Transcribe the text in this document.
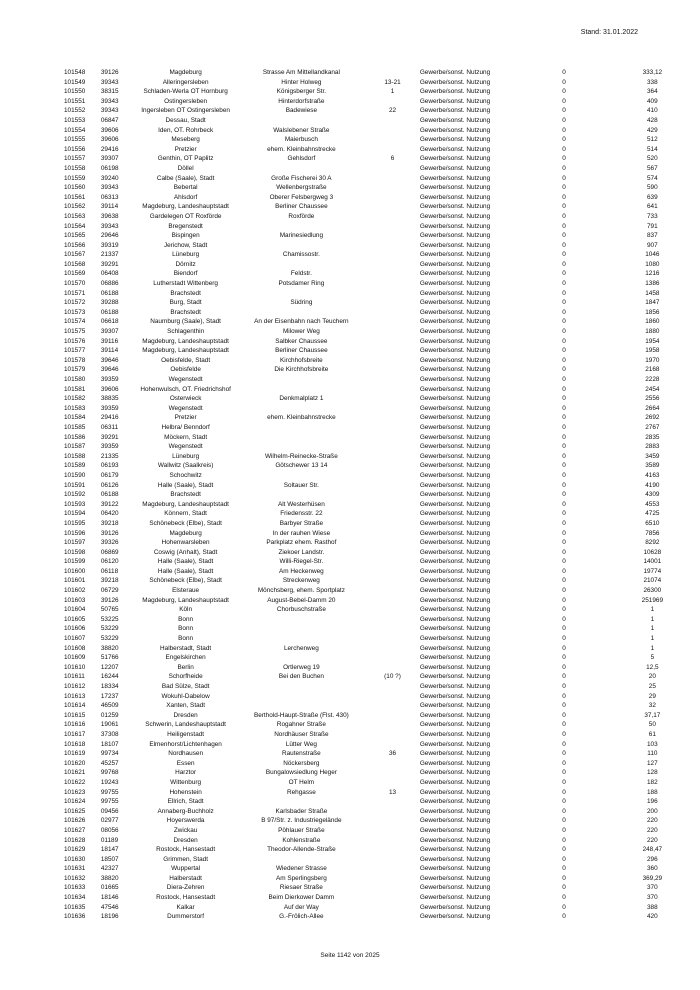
Stand: 31.01.2022
101548	39126	Magdeburg	Strasse Am Mittellandkanal		Gewerbe/sonst. Nutzung	0	333,12
101549	39343	Alleringersleben	Hinter Holweg	13-21	Gewerbe/sonst. Nutzung	0	338
101550	38315	Schladen-Werla OT Hornburg	Königsberger Str.	1	Gewerbe/sonst. Nutzung	0	364
101551	39343	Ostingersleben	Hinterdorfstraße		Gewerbe/sonst. Nutzung	0	409
101552	39343	Ingersleben OT Ostingersleben	Badewiese	22	Gewerbe/sonst. Nutzung	0	410
101553	06847	Dessau, Stadt			Gewerbe/sonst. Nutzung	0	428
101554	39606	Iden, OT. Rohrbeck	Walslebener Straße		Gewerbe/sonst. Nutzung	0	429
101555	39606	Meseberg	Maierbusch		Gewerbe/sonst. Nutzung	0	512
101556	29416	Pretzier	ehem. Kleinbahnstrecke		Gewerbe/sonst. Nutzung	0	514
101557	39307	Genthin, OT Paplitz	Gehlsdorf	6	Gewerbe/sonst. Nutzung	0	520
101558	06198	Döllel			Gewerbe/sonst. Nutzung	0	567
101559	39240	Calbe (Saale), Stadt	Große Fischerei 30 A		Gewerbe/sonst. Nutzung	0	574
101560	39343	Bebertal	Wellenbergstraße		Gewerbe/sonst. Nutzung	0	590
101561	06313	Ahlsdorf	Oberer Felsbergweg 3		Gewerbe/sonst. Nutzung	0	639
101562	39114	Magdeburg, Landeshauptstadt	Berliner Chaussee		Gewerbe/sonst. Nutzung	0	641
101563	39638	Gardelegen OT Roxförde	Roxförde		Gewerbe/sonst. Nutzung	0	733
101564	39343	Bregenstedt			Gewerbe/sonst. Nutzung	0	791
101565	29646	Bispingen	Marinesiedlung		Gewerbe/sonst. Nutzung	0	837
101566	39319	Jerichow, Stadt			Gewerbe/sonst. Nutzung	0	907
101567	21337	Lüneburg	Chamissostr.		Gewerbe/sonst. Nutzung	0	1046
101568	39291	Dörnitz			Gewerbe/sonst. Nutzung	0	1080
101569	06408	Biendorf	Feldstr.		Gewerbe/sonst. Nutzung	0	1216
101570	06886	Lutherstadt Wittenberg	Potsdamer Ring		Gewerbe/sonst. Nutzung	0	1386
101571	06188	Brachstedt			Gewerbe/sonst. Nutzung	0	1458
101572	39288	Burg, Stadt	Südring		Gewerbe/sonst. Nutzung	0	1847
101573	06188	Brachstedt			Gewerbe/sonst. Nutzung	0	1856
101574	06618	Naumburg (Saale), Stadt	An der Eisenbahn nach Teuchern		Gewerbe/sonst. Nutzung	0	1860
101575	39307	Schlagenthin	Milower Weg		Gewerbe/sonst. Nutzung	0	1880
101576	39116	Magdeburg, Landeshauptstadt	Salbker Chaussee		Gewerbe/sonst. Nutzung	0	1954
101577	39114	Magdeburg, Landeshauptstadt	Berliner Chaussee		Gewerbe/sonst. Nutzung	0	1958
101578	39646	Oebisfelde, Stadt	Kirchhofsbreite		Gewerbe/sonst. Nutzung	0	1970
101579	39646	Oebisfelde	Die Kirchhofsbreite		Gewerbe/sonst. Nutzung	0	2168
101580	39359	Wegenstedt			Gewerbe/sonst. Nutzung	0	2228
101581	39606	Hohenwulsch, OT. Friedrichshof			Gewerbe/sonst. Nutzung	0	2454
101582	38835	Osterwieck	Denkmalplatz 1		Gewerbe/sonst. Nutzung	0	2556
101583	39359	Wegenstedt			Gewerbe/sonst. Nutzung	0	2664
101584	29416	Pretzier	ehem. Kleinbahnstrecke		Gewerbe/sonst. Nutzung	0	2692
101585	06311	Helbra/ Benndorf			Gewerbe/sonst. Nutzung	0	2767
101586	39291	Möckern, Stadt			Gewerbe/sonst. Nutzung	0	2835
101587	39359	Wegenstedt			Gewerbe/sonst. Nutzung	0	2883
101588	21335	Lüneburg	Wilhelm-Reinecke-Straße		Gewerbe/sonst. Nutzung	0	3459
101589	06193	Wallwitz (Saalkreis)	Götschewег 13 14		Gewerbe/sonst. Nutzung	0	3589
101590	06179	Schochwitz			Gewerbe/sonst. Nutzung	0	4163
101591	06126	Halle (Saale), Stadt	Soltauer Str.		Gewerbe/sonst. Nutzung	0	4190
101592	06188	Brachstedt			Gewerbe/sonst. Nutzung	0	4309
101593	39122	Magdeburg, Landeshauptstadt	Alt Westerhüsen		Gewerbe/sonst. Nutzung	0	4553
101594	06420	Könnern, Stadt	Friedensstr. 22		Gewerbe/sonst. Nutzung	0	4725
101595	39218	Schönebeck (Elbe), Stadt	Barbyer Straße		Gewerbe/sonst. Nutzung	0	6510
101596	39126	Magdeburg	In der rauhen Wiese		Gewerbe/sonst. Nutzung	0	7856
101597	39326	Hohenwarsleben	Parkplatz ehem. Rasthof		Gewerbe/sonst. Nutzung	0	8292
101598	06869	Coswig (Anhalt), Stadt	Ziekoer Landstr.		Gewerbe/sonst. Nutzung	0	10628
101599	06120	Halle (Saale), Stadt	Willi-Riegel-Str.		Gewerbe/sonst. Nutzung	0	14001
101600	06118	Halle (Saale), Stadt	Am Heckenweg		Gewerbe/sonst. Nutzung	0	19774
101601	39218	Schönebeck (Elbe), Stadt	Streckenweg		Gewerbe/sonst. Nutzung	0	21074
101602	06729	Elsteraue	Mönchsberg, ehem. Sportplatz		Gewerbe/sonst. Nutzung	0	26300
101603	39126	Magdeburg, Landeshauptstadt	August-Bebel-Damm 20		Gewerbe/sonst. Nutzung	0	251969
101604	50765	Köln	Chorbuschstraße		Gewerbe/sonst. Nutzung	0	1
101605	53225	Bonn			Gewerbe/sonst. Nutzung	0	1
101606	53229	Bonn			Gewerbe/sonst. Nutzung	0	1
101607	53229	Bonn			Gewerbe/sonst. Nutzung	0	1
101608	38820	Halberstadt, Stadt	Lerchenweg		Gewerbe/sonst. Nutzung	0	1
101609	51766	Engelskirchen			Gewerbe/sonst. Nutzung	0	5
101610	12207	Berlin	Ortlerweg 19		Gewerbe/sonst. Nutzung	0	12,5
101611	16244	Schorfheide	Bei den Buchen	(10 ?)	Gewerbe/sonst. Nutzung	0	20
101612	18334	Bad Sülze, Stadt			Gewerbe/sonst. Nutzung	0	25
101613	17237	Wokuhl-Dabelow			Gewerbe/sonst. Nutzung	0	29
101614	46509	Xanten, Stadt			Gewerbe/sonst. Nutzung	0	32
101615	01259	Dresden	Berthold-Haupt-Straße (Flst. 430)		Gewerbe/sonst. Nutzung	0	37,17
101616	19061	Schwerin, Landeshauptstadt	Rogahner Straße		Gewerbe/sonst. Nutzung	0	50
101617	37308	Heiligenstadt	Nordhäuser Straße		Gewerbe/sonst. Nutzung	0	61
101618	18107	Elmenhorst/Lichtenhagen	Lütter Weg		Gewerbe/sonst. Nutzung	0	103
101619	99734	Nordhausen	Rautenstraße	36	Gewerbe/sonst. Nutzung	0	110
101620	45257	Essen	Nöckersberg		Gewerbe/sonst. Nutzung	0	127
101621	99768	Harztor	Bungalowsiedlung Heger		Gewerbe/sonst. Nutzung	0	128
101622	19243	Wittenburg	OT Helm		Gewerbe/sonst. Nutzung	0	182
101623	99755	Hohenstein	Rehgasse	13	Gewerbe/sonst. Nutzung	0	188
101624	99755	Ellrich, Stadt			Gewerbe/sonst. Nutzung	0	196
101625	09456	Annaberg-Buchholz	Karlsbader Straße		Gewerbe/sonst. Nutzung	0	200
101626	02977	Hoyerswerda	B 97/Str. z. Industriegelände		Gewerbe/sonst. Nutzung	0	220
101627	08056	Zwickau	Pöhlauer Straße		Gewerbe/sonst. Nutzung	0	220
101628	01189	Dresden	Kohlenstraße		Gewerbe/sonst. Nutzung	0	220
101629	18147	Rostock, Hansestadt	Theodor-Allende-Straße		Gewerbe/sonst. Nutzung	0	248,47
101630	18507	Grimmen, Stadt			Gewerbe/sonst. Nutzung	0	296
101631	42327	Wuppertal	Wiedener Strasse		Gewerbe/sonst. Nutzung	0	360
101632	38820	Halberstadt	Am Sperlingsberg		Gewerbe/sonst. Nutzung	0	369,29
101633	01665	Diera-Zehren	Riesaer Straße		Gewerbe/sonst. Nutzung	0	370
101634	18146	Rostock, Hansestadt	Beim Dierkower Damm		Gewerbe/sonst. Nutzung	0	370
101635	47546	Kalkar	Auf der Way		Gewerbe/sonst. Nutzung	0	388
101636	18196	Dummerstorf	G.-Frölich-Allee		Gewerbe/sonst. Nutzung	0	420
Seite 1142 von 2025
